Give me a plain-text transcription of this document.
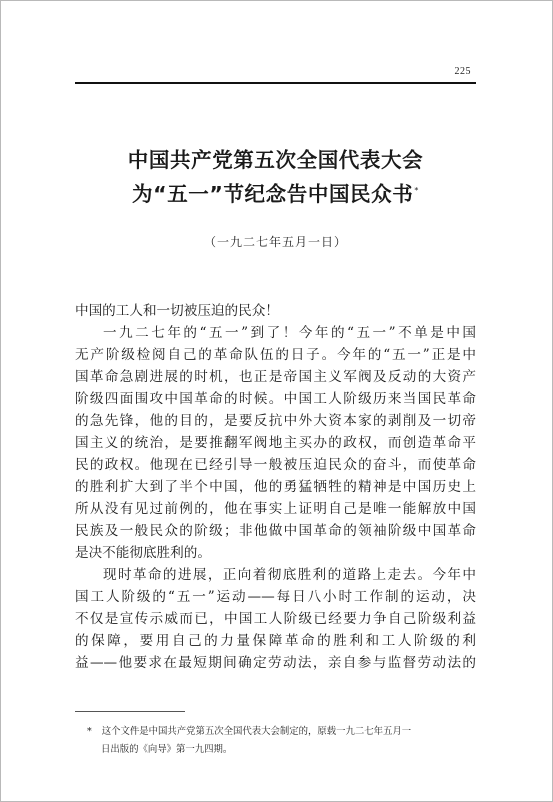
225
中国共产党第五次全国代表大会
为“五一”节纪念告中国民众书*
（一九二七年五月一日）
中国的工人和一切被压迫的民众！
一九二七年的“五一”到了！今年的“五一”不单是中国
无产阶级检阅自己的革命队伍的日子。今年的“五一”正是中
国革命急剧进展的时机，也正是帝国主义军阀及反动的大资产
阶级四面围攻中国革命的时候。中国工人阶级历来当国民革命
的急先锋，他的目的，是要反抗中外大资本家的剥削及一切帝
国主义的统治，是要推翻军阀地主买办的政权，而创造革命平
民的政权。他现在已经引导一般被压迫民众的奋斗，而使革命
的胜利扩大到了半个中国，他的勇猛牺牲的精神是中国历史上
所从没有见过前例的，他在事实上证明自己是唯一能解放中国
民族及一般民众的阶级；非他做中国革命的领袖阶级中国革命
是决不能彻底胜利的。
现时革命的进展，正向着彻底胜利的道路上走去。今年中
国工人阶级的“五一”运动——每日八小时工作制的运动，决
不仅是宣传示威而已，中国工人阶级已经要力争自己阶级利益
的保障，要用自己的力量保障革命的胜利和工人阶级的利
益——他要求在最短期间确定劳动法，亲自参与监督劳动法的
* 这个文件是中国共产党第五次全国代表大会制定的，原载一九二七年五月一
日出版的《向导》第一九四期。
